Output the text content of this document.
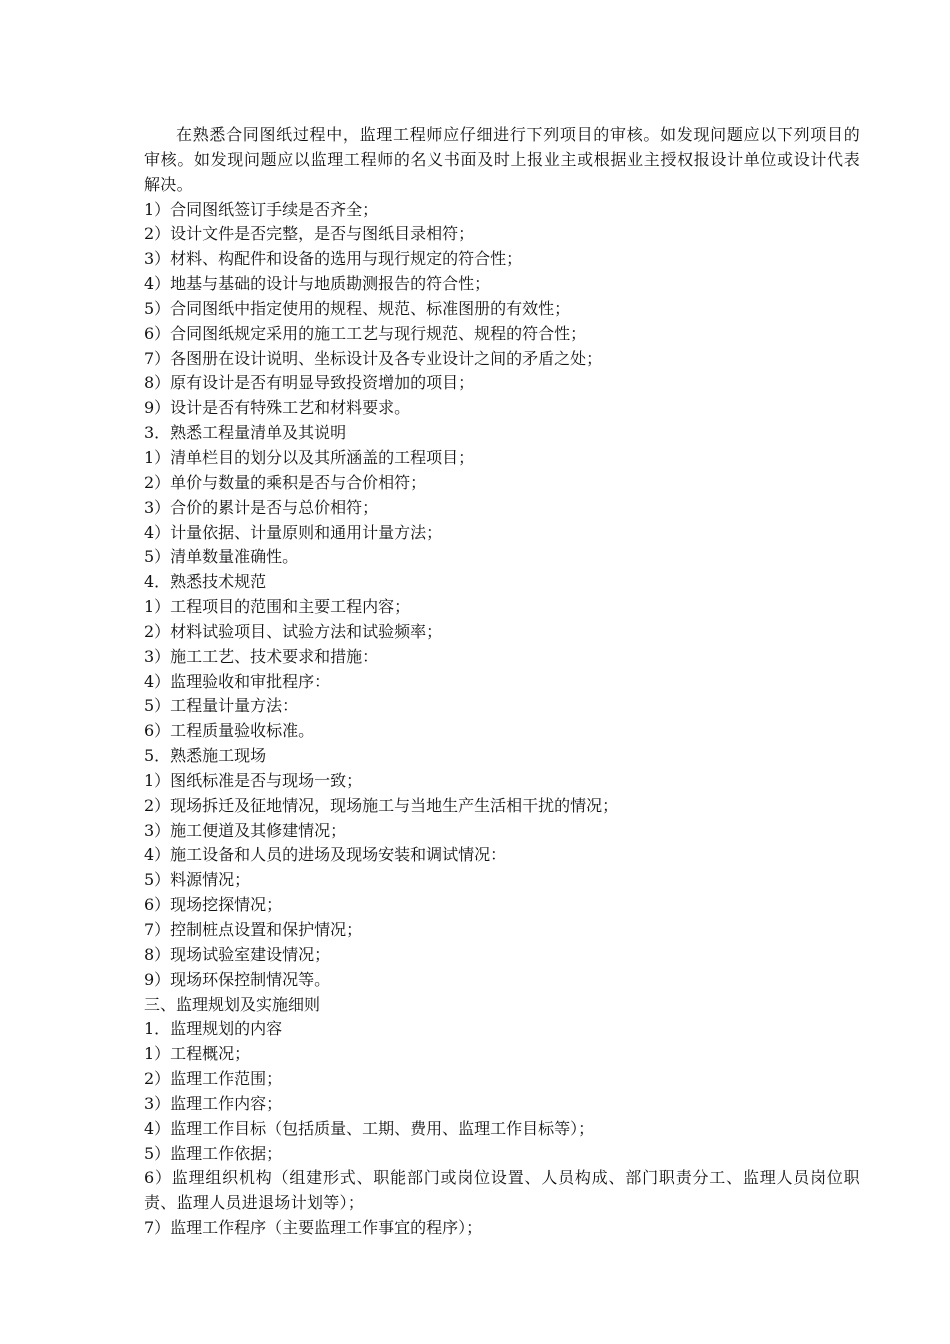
在熟悉合同图纸过程中，监理工程师应仔细进行下列项目的审核。如发现问题应以下列项目的审核。如发现问题应以监理工程师的名义书面及时上报业主或根据业主授权报设计单位或设计代表解决。

1）合同图纸签订手续是否齐全；

2）设计文件是否完整，是否与图纸目录相符；

3）材料、构配件和设备的选用与现行规定的符合性；

4）地基与基础的设计与地质勘测报告的符合性；

5）合同图纸中指定使用的规程、规范、标准图册的有效性；

6）合同图纸规定采用的施工工艺与现行规范、规程的符合性；

7）各图册在设计说明、坐标设计及各专业设计之间的矛盾之处；

8）原有设计是否有明显导致投资增加的项目；

9）设计是否有特殊工艺和材料要求。

3．熟悉工程量清单及其说明

1）清单栏目的划分以及其所涵盖的工程项目；

2）单价与数量的乘积是否与合价相符；

3）合价的累计是否与总价相符；

4）计量依据、计量原则和通用计量方法；

5）清单数量准确性。

4．熟悉技术规范

1）工程项目的范围和主要工程内容；

2）材料试验项目、试验方法和试验频率；

3）施工工艺、技术要求和措施：

4）监理验收和审批程序：

5）工程量计量方法：

6）工程质量验收标准。

5．熟悉施工现场

1）图纸标准是否与现场一致；

2）现场拆迁及征地情况，现场施工与当地生产生活相干扰的情况；

3）施工便道及其修建情况；

4）施工设备和人员的进场及现场安装和调试情况：

5）料源情况；

6）现场挖探情况；

7）控制桩点设置和保护情况；

8）现场试验室建设情况；

9）现场环保控制情况等。

三、监理规划及实施细则

1．监理规划的内容

1）工程概况；

2）监理工作范围；

3）监理工作内容；

4）监理工作目标（包括质量、工期、费用、监理工作目标等）；

5）监理工作依据；

6）监理组织机构（组建形式、职能部门或岗位设置、人员构成、部门职责分工、监理人员岗位职责、监理人员进退场计划等）；

7）监理工作程序（主要监理工作事宜的程序）；
